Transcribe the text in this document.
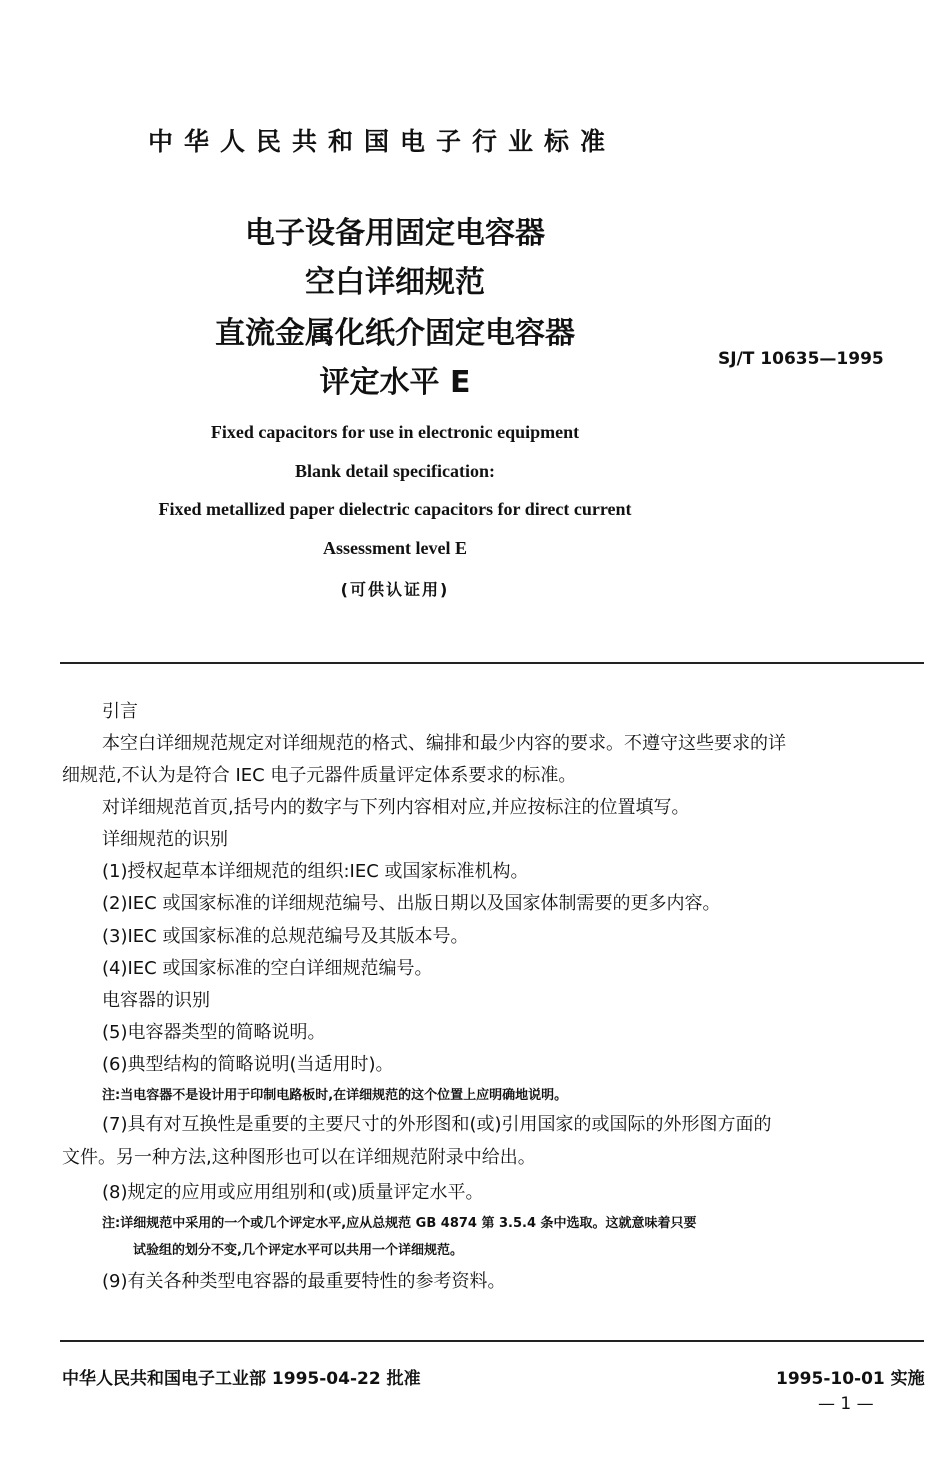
中华人民共和国电子行业标准

电子设备用固定电容器

空白详细规范

直流金属化纸介固定电容器

评定水平 E

SJ/T 10635—1995

Fixed capacitors for use in electronic equipment

Blank detail specification:

Fixed metallized paper dielectric capacitors for direct current

Assessment level E

(可供认证用)

引言

本空白详细规范规定对详细规范的格式、编排和最少内容的要求。不遵守这些要求的详

细规范,不认为是符合 IEC 电子元器件质量评定体系要求的标准。

对详细规范首页,括号内的数字与下列内容相对应,并应按标注的位置填写。

详细规范的识别

(1)授权起草本详细规范的组织:IEC 或国家标准机构。

(2)IEC 或国家标准的详细规范编号、出版日期以及国家体制需要的更多内容。

(3)IEC 或国家标准的总规范编号及其版本号。

(4)IEC 或国家标准的空白详细规范编号。

电容器的识别

(5)电容器类型的简略说明。

(6)典型结构的简略说明(当适用时)。

注:当电容器不是设计用于印制电路板时,在详细规范的这个位置上应明确地说明。

(7)具有对互换性是重要的主要尺寸的外形图和(或)引用国家的或国际的外形图方面的

文件。另一种方法,这种图形也可以在详细规范附录中给出。

(8)规定的应用或应用组别和(或)质量评定水平。

注:详细规范中采用的一个或几个评定水平,应从总规范 GB 4874 第 3.5.4 条中选取。这就意味着只要

试验组的划分不变,几个评定水平可以共用一个详细规范。

(9)有关各种类型电容器的最重要特性的参考资料。

中华人民共和国电子工业部 1995-04-22 批准	1995-10-01 实施

— 1 —
